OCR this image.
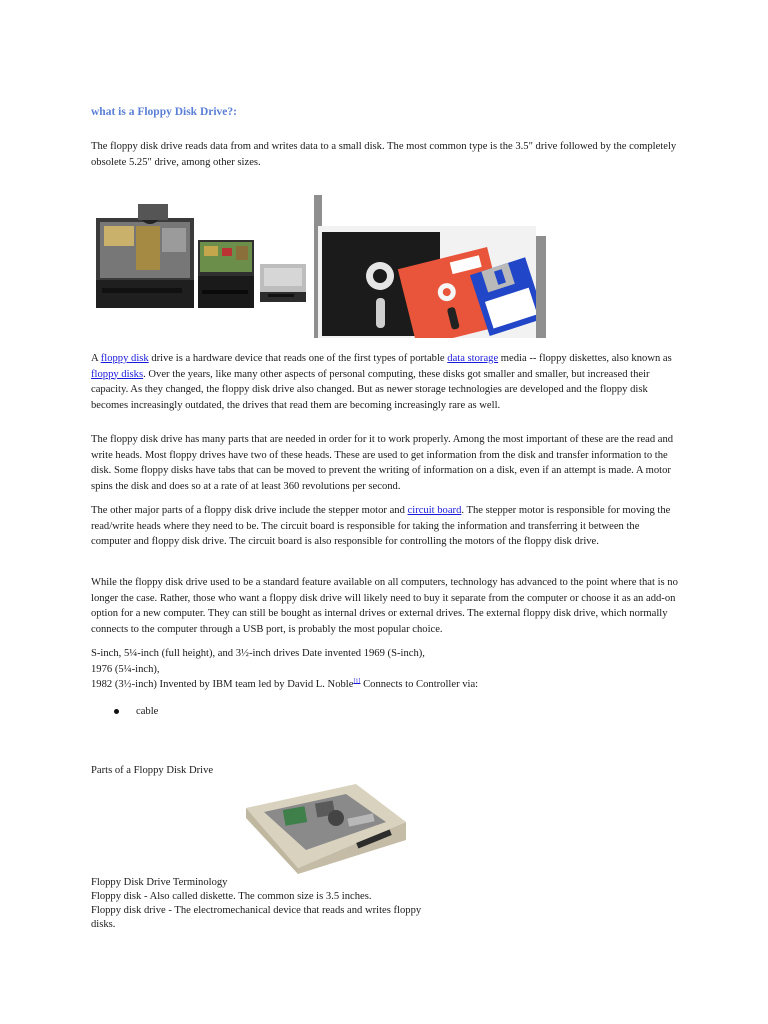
what is a Floppy Disk Drive?:

The floppy disk drive reads data from and writes data to a small disk. The most common type is the 3.5" drive followed by the completely obsolete 5.25" drive, among other sizes.

A floppy disk drive is a hardware device that reads one of the first types of portable data storage media -- floppy diskettes, also known as floppy disks. Over the years, like many other aspects of personal computing, these disks got smaller and smaller, but increased their capacity. As they changed, the floppy disk drive also changed. But as newer storage technologies are developed and the floppy disk becomes increasingly outdated, the drives that read them are becoming increasingly rare as well.

The floppy disk drive has many parts that are needed in order for it to work properly. Among the most important of these are the read and write heads. Most floppy drives have two of these heads. These are used to get information from the disk and transfer information to the disk. Some floppy disks have tabs that can be moved to prevent the writing of information on a disk, even if an attempt is made. A motor spins the disk and does so at a rate of at least 360 revolutions per second.

The other major parts of a floppy disk drive include the stepper motor and circuit board. The stepper motor is responsible for moving the read/write heads where they need to be. The circuit board is responsible for taking the information and transferring it between the computer and floppy disk drive. The circuit board is also responsible for controlling the motors of the floppy disk drive.

While the floppy disk drive used to be a standard feature available on all computers, technology has advanced to the point where that is no longer the case. Rather, those who want a floppy disk drive will likely need to buy it separate from the computer or choose it as an add-on option for a new computer. They can still be bought as internal drives or external drives. The external floppy disk drive, which normally connects to the computer through a USB port, is probably the most popular choice.

S-inch, 5¼-inch (full height), and 3½-inch drives Date invented 1969 (S-inch),
1976 (5¼-inch),
1982 (3½-inch) Invented by IBM team led by David L. Noble[1] Connects to Controller via:

cable
Parts of a Floppy Disk Drive
Floppy Disk Drive Terminology
Floppy disk - Also called diskette. The common size is 3.5 inches.
Floppy disk drive - The electromechanical device that reads and writes floppy disks.
